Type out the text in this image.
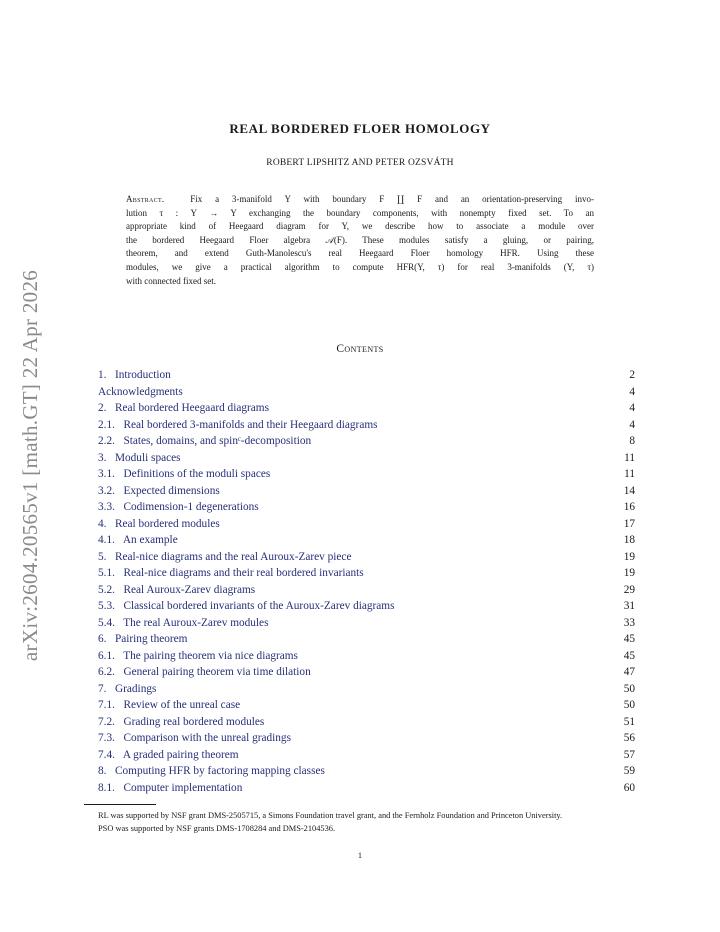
arXiv:2604.20565v1 [math.GT] 22 Apr 2026
REAL BORDERED FLOER HOMOLOGY
ROBERT LIPSHITZ AND PETER OZSVÁTH

Abstract.	Fix a 3-manifold Y with boundary F ∐ F and an orientation-preserving invo-
lution τ : Y → Y exchanging the boundary components, with nonempty fixed set. To an
appropriate kind of Heegaard diagram for Y, we describe how to associate a module over
the bordered Heegaard Floer algebra 𝒜(F). These modules satisfy a gluing, or pairing,
theorem, and extend Guth-Manolescu's real Heegaard Floer homology HFR. Using these
modules, we give a practical algorithm to compute HFR(Y, τ) for real 3-manifolds (Y, τ)
with connected fixed set.

Contents
1. Introduction	2
Acknowledgments	4
2. Real bordered Heegaard diagrams	4
2.1. Real bordered 3-manifolds and their Heegaard diagrams	4
2.2. States, domains, and spinᶜ-decomposition	8
3. Moduli spaces	11
3.1. Definitions of the moduli spaces	11
3.2. Expected dimensions	14
3.3. Codimension-1 degenerations	16
4. Real bordered modules	17
4.1. An example	18
5. Real-nice diagrams and the real Auroux-Zarev piece	19
5.1. Real-nice diagrams and their real bordered invariants	19
5.2. Real Auroux-Zarev diagrams	29
5.3. Classical bordered invariants of the Auroux-Zarev diagrams	31
5.4. The real Auroux-Zarev modules	33
6. Pairing theorem	45
6.1. The pairing theorem via nice diagrams	45
6.2. General pairing theorem via time dilation	47
7. Gradings	50
7.1. Review of the unreal case	50
7.2. Grading real bordered modules	51
7.3. Comparison with the unreal gradings	56
7.4. A graded pairing theorem	57
8. Computing HFR by factoring mapping classes	59
8.1. Computer implementation	60

RL was supported by NSF grant DMS-2505715, a Simons Foundation travel grant, and the Fernholz Foundation and Princeton University.

PSO was supported by NSF grants DMS-1708284 and DMS-2104536.

1
